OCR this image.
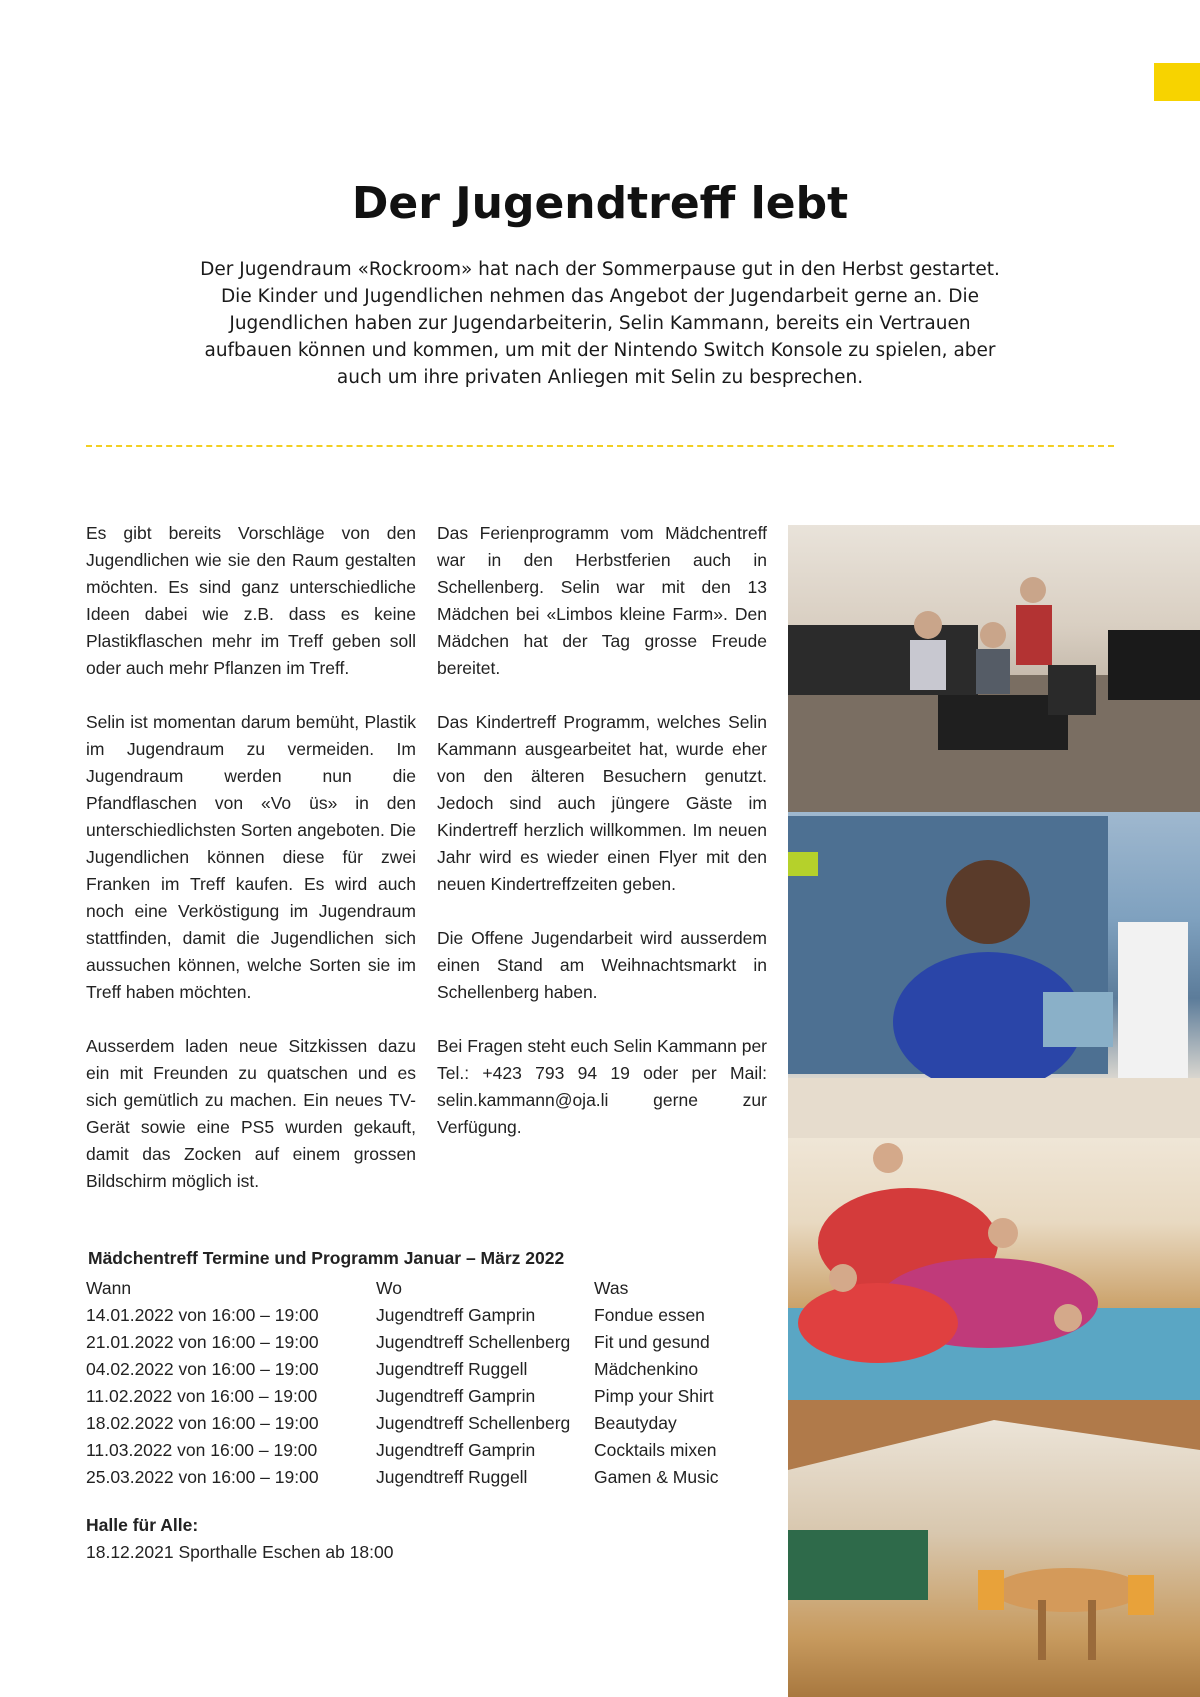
Der Jugendtreff lebt

Der Jugendraum «Rockroom» hat nach der Sommerpause gut in den Herbst gestartet. Die Kinder und Jugendlichen nehmen das Angebot der Jugendarbeit gerne an. Die Jugendlichen haben zur Jugendarbeiterin, Selin Kammann, bereits ein Vertrauen aufbauen können und kommen, um mit der Nintendo Switch Konsole zu spielen, aber auch um ihre privaten Anliegen mit Selin zu besprechen.

Es gibt bereits Vorschläge von den Jugendlichen wie sie den Raum gestalten möchten. Es sind ganz unterschiedliche Ideen dabei wie z.B. dass es keine Plastikflaschen mehr im Treff geben soll oder auch mehr Pflanzen im Treff.

Selin ist momentan darum bemüht, Plastik im Jugendraum zu vermeiden. Im Jugendraum werden nun die Pfandflaschen von «Vo üs» in den unterschiedlichsten Sorten angeboten. Die Jugendlichen können diese für zwei Franken im Treff kaufen. Es wird auch noch eine Verköstigung im Jugendraum stattfinden, damit die Jugendlichen sich aussuchen können, welche Sorten sie im Treff haben möchten.

Ausserdem laden neue Sitzkissen dazu ein mit Freunden zu quatschen und es sich gemütlich zu machen. Ein neues TV-Gerät sowie eine PS5 wurden gekauft, damit das Zocken auf einem grossen Bildschirm möglich ist.

Das Ferienprogramm vom Mädchentreff war in den Herbstferien auch in Schellenberg. Selin war mit den 13 Mädchen bei «Limbos kleine Farm». Den Mädchen hat der Tag grosse Freude bereitet.

Das Kindertreff Programm, welches Selin Kammann ausgearbeitet hat, wurde eher von den älteren Besuchern genutzt. Jedoch sind auch jüngere Gäste im Kindertreff herzlich willkommen. Im neuen Jahr wird es wieder einen Flyer mit den neuen Kindertreffzeiten geben.

Die Offene Jugendarbeit wird ausserdem einen Stand am Weihnachtsmarkt in Schellenberg haben.

Bei Fragen steht euch Selin Kammann per Tel.: +423 793 94 19 oder per Mail: selin.kammann@oja.li gerne zur Verfügung.

Mädchentreff Termine und Programm Januar – März 2022
Wann	Wo	Was
14.01.2022 von 16:00 – 19:00	Jugendtreff Gamprin	Fondue essen
21.01.2022 von 16:00 – 19:00	Jugendtreff Schellenberg	Fit und gesund
04.02.2022 von 16:00 – 19:00	Jugendtreff Ruggell	Mädchenkino
11.02.2022 von 16:00 – 19:00	Jugendtreff Gamprin	Pimp your Shirt
18.02.2022 von 16:00 – 19:00	Jugendtreff Schellenberg	Beautyday
11.03.2022 von 16:00 – 19:00	Jugendtreff Gamprin	Cocktails mixen
25.03.2022 von 16:00 – 19:00	Jugendtreff Ruggell	Gamen & Music
Halle für Alle:
18.12.2021 Sporthalle Eschen ab 18:00
